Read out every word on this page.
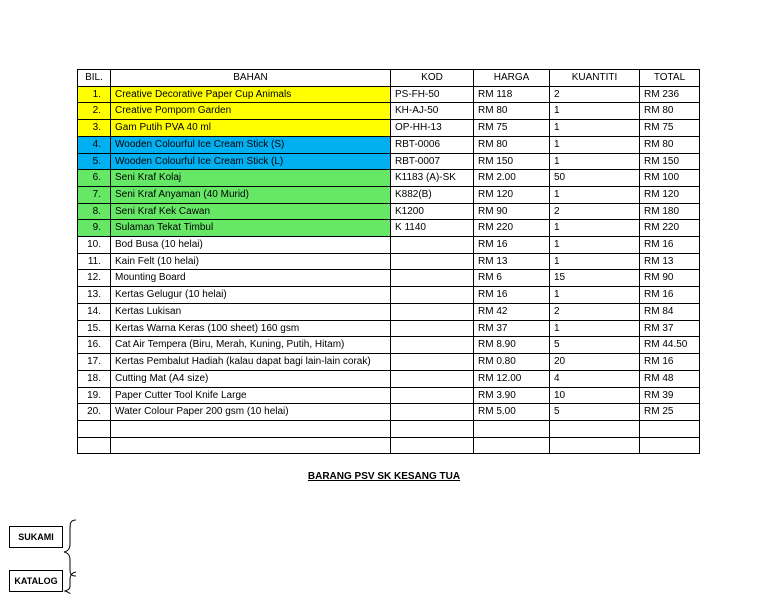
BIL.	BAHAN	KOD	HARGA	KUANTITI	TOTAL
1.	Creative Decorative Paper Cup Animals	PS-FH-50	RM 118	2	RM 236
2.	Creative Pompom Garden	KH-AJ-50	RM 80	1	RM 80
3.	Gam Putih PVA 40 ml	OP-HH-13	RM 75	1	RM 75
4.	Wooden Colourful Ice Cream Stick (S)	RBT-0006	RM 80	1	RM 80
5.	Wooden Colourful Ice Cream Stick (L)	RBT-0007	RM 150	1	RM 150
6.	Seni Kraf Kolaj	K1183 (A)-SK	RM 2.00	50	RM 100
7.	Seni Kraf Anyaman (40 Murid)	K882(B)	RM 120	1	RM 120
8.	Seni Kraf Kek Cawan	K1200	RM 90	2	RM 180
9.	Sulaman Tekat Timbul	K 1140	RM 220	1	RM 220
10.	Bod Busa (10 helai)		RM 16	1	RM 16
11.	Kain Felt (10 helai)		RM 13	1	RM 13
12.	Mounting Board		RM 6	15	RM 90
13.	Kertas Gelugur (10 helai)		RM 16	1	RM 16
14.	Kertas Lukisan		RM 42	2	RM 84
15.	Kertas Warna Keras (100 sheet) 160 gsm		RM 37	1	RM 37
16.	Cat Air Tempera (Biru, Merah, Kuning, Putih, Hitam)		RM 8.90	5	RM 44.50
17.	Kertas Pembalut Hadiah (kalau dapat bagi lain-lain corak)		RM 0.80	20	RM 16
18.	Cutting Mat (A4 size)		RM 12.00	4	RM 48
19.	Paper Cutter Tool Knife Large		RM 3.90	10	RM 39
20.	Water Colour Paper 200 gsm (10 helai)		RM 5.00	5	RM 25

BARANG PSV SK KESANG TUA
SUKAMI
KATALOG
